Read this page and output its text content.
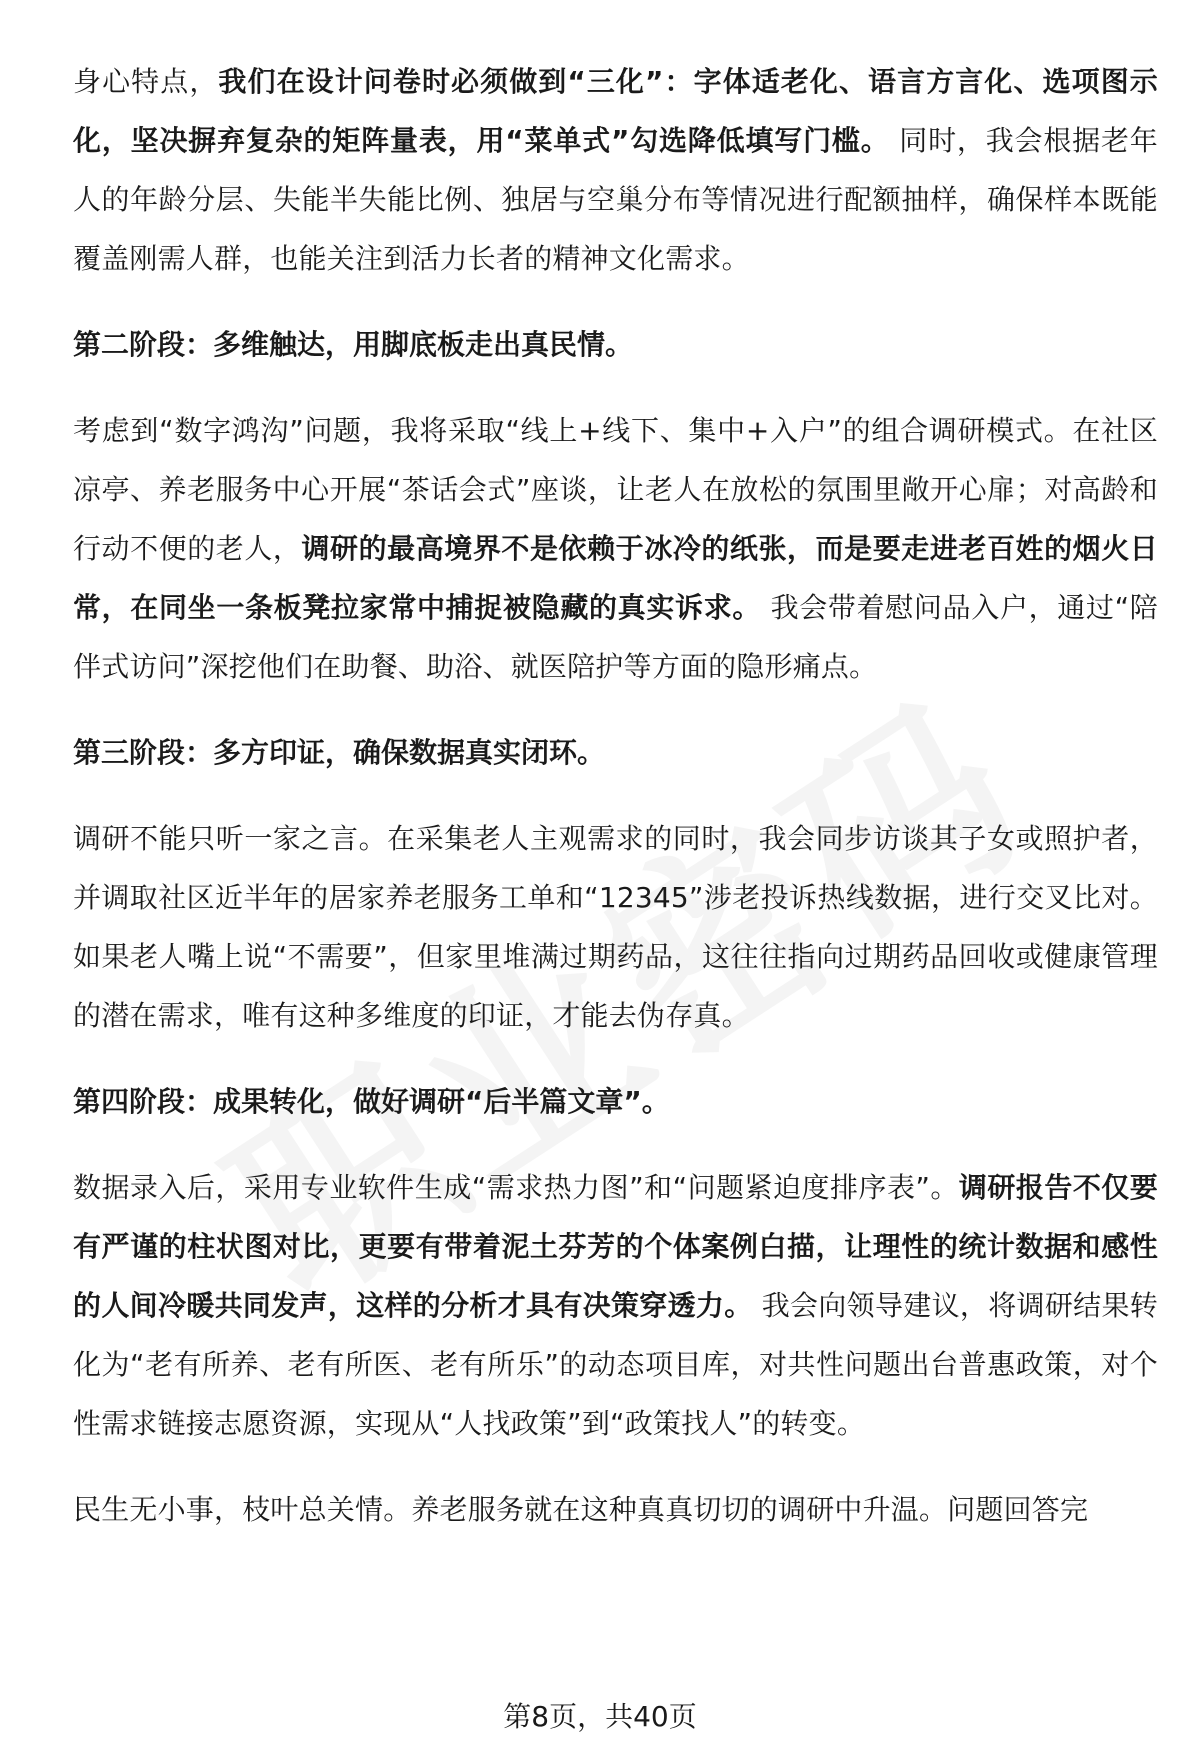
身心特点，我们在设计问卷时必须做到“三化”：字体适老化、语言方言化、选项图示化，坚决摒弃复杂的矩阵量表，用“菜单式”勾选降低填写门槛。 同时，我会根据老年人的年龄分层、失能半失能比例、独居与空巢分布等情况进行配额抽样，确保样本既能覆盖刚需人群，也能关注到活力长者的精神文化需求。

第二阶段：多维触达，用脚底板走出真民情。

考虑到“数字鸿沟”问题，我将采取“线上+线下、集中+入户”的组合调研模式。在社区凉亭、养老服务中心开展“茶话会式”座谈，让老人在放松的氛围里敞开心扉；对高龄和行动不便的老人，调研的最高境界不是依赖于冰冷的纸张，而是要走进老百姓的烟火日常，在同坐一条板凳拉家常中捕捉被隐藏的真实诉求。 我会带着慰问品入户，通过“陪伴式访问”深挖他们在助餐、助浴、就医陪护等方面的隐形痛点。

第三阶段：多方印证，确保数据真实闭环。

调研不能只听一家之言。在采集老人主观需求的同时，我会同步访谈其子女或照护者，并调取社区近半年的居家养老服务工单和“12345”涉老投诉热线数据，进行交叉比对。如果老人嘴上说“不需要”，但家里堆满过期药品，这往往指向过期药品回收或健康管理的潜在需求，唯有这种多维度的印证，才能去伪存真。

第四阶段：成果转化，做好调研“后半篇文章”。

数据录入后，采用专业软件生成“需求热力图”和“问题紧迫度排序表”。调研报告不仅要有严谨的柱状图对比，更要有带着泥土芬芳的个体案例白描，让理性的统计数据和感性的人间冷暖共同发声，这样的分析才具有决策穿透力。 我会向领导建议，将调研结果转化为“老有所养、老有所医、老有所乐”的动态项目库，对共性问题出台普惠政策，对个性需求链接志愿资源，实现从“人找政策”到“政策找人”的转变。

民生无小事，枝叶总关情。养老服务就在这种真真切切的调研中升温。问题回答完

第8页，共40页
